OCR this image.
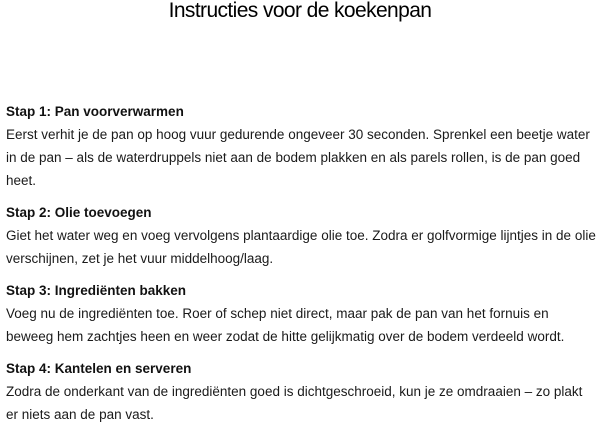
Instructies voor de koekenpan

Stap 1: Pan voorverwarmen

Eerst verhit je de pan op hoog vuur gedurende ongeveer 30 seconden. Sprenkel een beetje water in de pan – als de waterdruppels niet aan de bodem plakken en als parels rollen, is de pan goed heet.

Stap 2: Olie toevoegen

Giet het water weg en voeg vervolgens plantaardige olie toe. Zodra er golfvormige lijntjes in de olie verschijnen, zet je het vuur middelhoog/laag.

Stap 3: Ingrediënten bakken

Voeg nu de ingrediënten toe. Roer of schep niet direct, maar pak de pan van het fornuis en beweeg hem zachtjes heen en weer zodat de hitte gelijkmatig over de bodem verdeeld wordt.

Stap 4: Kantelen en serveren

Zodra de onderkant van de ingrediënten goed is dichtgeschroeid, kun je ze omdraaien – zo plakt er niets aan de pan vast.
